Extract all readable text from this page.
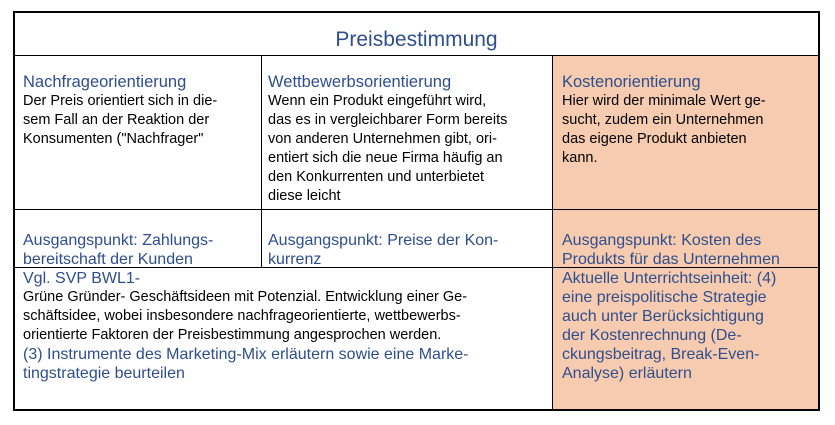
Preisbestimmung

Nachfrageorientierung

Der Preis orientiert sich in die-

sem Fall an der Reaktion der

Konsumenten ("Nachfrager"

Wettbewerbsorientierung

Wenn ein Produkt eingeführt wird,

das es in vergleichbarer Form bereits

von anderen Unternehmen gibt, ori-

entiert sich die neue Firma häufig an

den Konkurrenten und unterbietet

diese leicht

Kostenorientierung

Hier wird der minimale Wert ge-

sucht, zudem ein Unternehmen

das eigene Produkt anbieten

kann.

Ausgangspunkt: Zahlungs-

bereitschaft der Kunden

Ausgangspunkt: Preise der Kon-

kurrenz

Ausgangspunkt: Kosten des

Produkts für das Unternehmen

Vgl. SVP BWL1-

Grüne Gründer- Geschäftsideen mit Potenzial. Entwicklung einer Ge-

schäftsidee, wobei insbesondere nachfrageorientierte, wettbewerbs-

orientierte Faktoren der Preisbestimmung angesprochen werden.

(3) Instrumente des Marketing-Mix erläutern sowie eine Marke-

tingstrategie beurteilen

Aktuelle Unterrichtseinheit: (4)

eine preispolitische Strategie

auch unter Berücksichtigung

der Kostenrechnung (De-

ckungsbeitrag, Break-Even-

Analyse) erläutern
